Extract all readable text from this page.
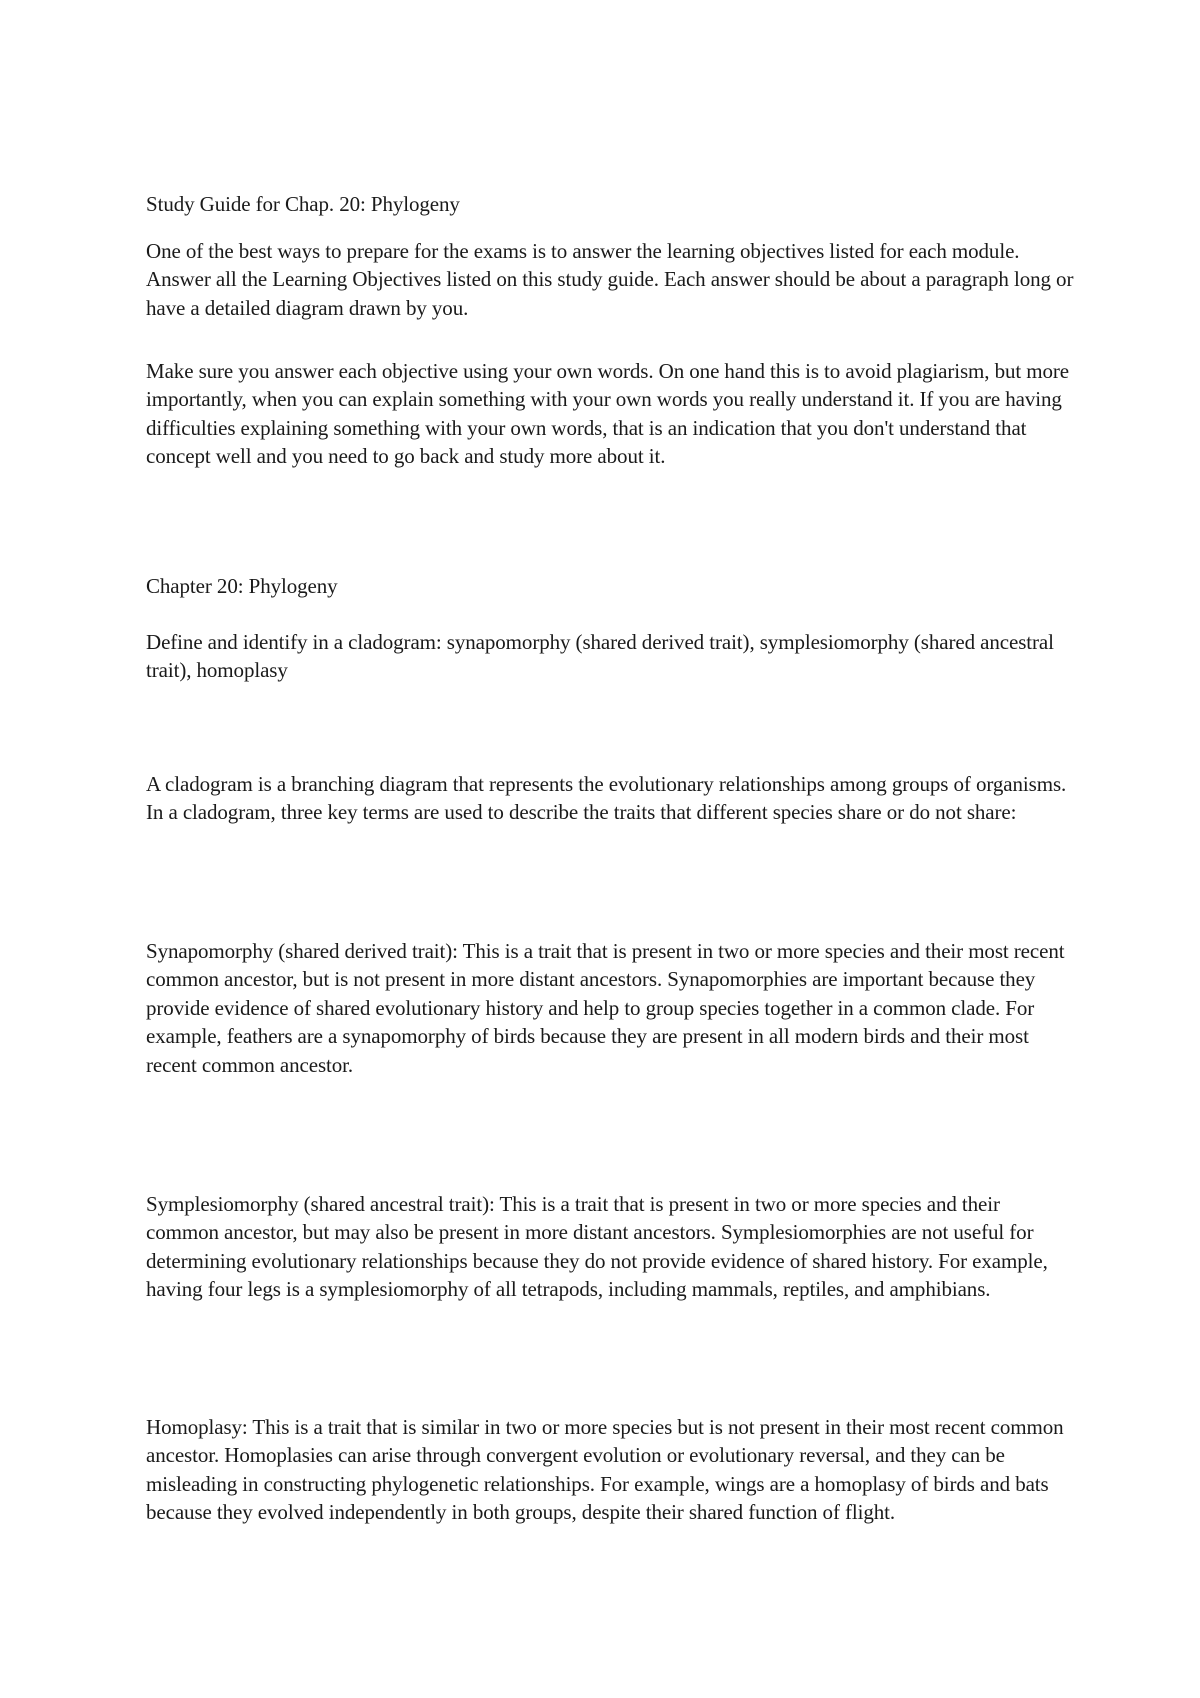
Study Guide for Chap. 20: Phylogeny

One of the best ways to prepare for the exams is to answer the learning objectives listed for each module. Answer all the Learning Objectives listed on this study guide. Each answer should be about a paragraph long or have a detailed diagram drawn by you.

Make sure you answer each objective using your own words. On one hand this is to avoid plagiarism, but more importantly, when you can explain something with your own words you really understand it. If you are having difficulties explaining something with your own words, that is an indication that you don't understand that concept well and you need to go back and study more about it.

Chapter 20: Phylogeny

Define and identify in a cladogram: synapomorphy (shared derived trait), symplesiomorphy (shared ancestral trait), homoplasy

A cladogram is a branching diagram that represents the evolutionary relationships among groups of organisms. In a cladogram, three key terms are used to describe the traits that different species share or do not share:

Synapomorphy (shared derived trait): This is a trait that is present in two or more species and their most recent common ancestor, but is not present in more distant ancestors. Synapomorphies are important because they provide evidence of shared evolutionary history and help to group species together in a common clade. For example, feathers are a synapomorphy of birds because they are present in all modern birds and their most recent common ancestor.

Symplesiomorphy (shared ancestral trait): This is a trait that is present in two or more species and their common ancestor, but may also be present in more distant ancestors. Symplesiomorphies are not useful for determining evolutionary relationships because they do not provide evidence of shared history. For example, having four legs is a symplesiomorphy of all tetrapods, including mammals, reptiles, and amphibians.

Homoplasy: This is a trait that is similar in two or more species but is not present in their most recent common ancestor. Homoplasies can arise through convergent evolution or evolutionary reversal, and they can be misleading in constructing phylogenetic relationships. For example, wings are a homoplasy of birds and bats because they evolved independently in both groups, despite their shared function of flight.
